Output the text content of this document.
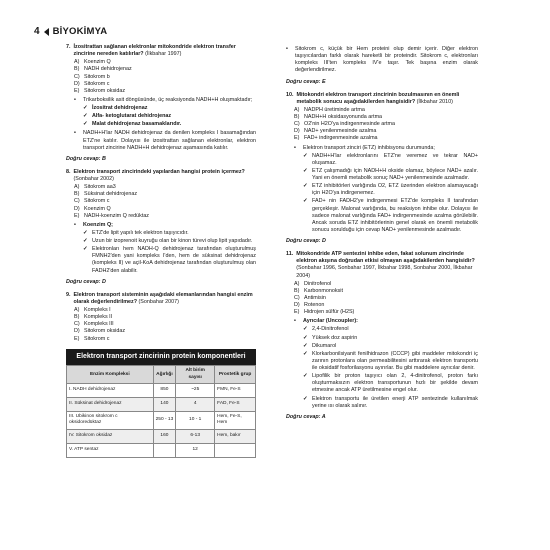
4 BİYOKİMYA
7. İzositrattan sağlanan elektronlar mitokondride elektron transfer zincirine nereden katılırlar? (İlkbahar 1997)
A) Koenzim Q
B) NADH dehidrojenaz
C) Sitokrom b
D) Sitokrom c
E) Sitokrom oksidaz
•	Trikarboksilik asit döngüsünde, üç reaksiyonda NADH+H oluşmaktadır;
✓ İzositrat dehidrojenaz
✓ Alfa- ketoglutarat dehidrojenaz
✓ Malat dehidrojenaz basamaklarıdır.
•	NADH+H'lar NADH dehidrojenaz da denilen kompleks I basamağından ETZ'ne katılır. Dolayısı ile izositrattan sağlanan elektronlar, elektron transport zincirine NADH+H dehidrojenaz aşamasında katılır.
Doğru cevap: B
8. Elektron transport zincirindeki yapılardan hangisi protein içermez? (Sonbahar 2002)
A) Sitokrom aa3
B) Süksinat dehidrojenaz
C) Sitokrom c
D) Koenzim Q
E) NADH-koenzim Q redüktaz
•	Koenzim Q;
✓ ETZ'de lipit yapılı tek elektron taşıyıcıdır.
✓ Uzun bir izoprenoit kuyruğu olan bir kinon türevi olup lipit yapıdadır.
✓ Elektronları hem NADH-Q dehidrojenaz tarafından oluşturulmuş FMNH2'den yani kompleks I'den, hem de süksinat dehidrojenaz (kompleks II) ve açil-KoA dehidrojenaz tarafından oluşturulmuş olan FADH2'den alabilir.
Doğru cevap: D
9. Elektron transport sisteminin aşağıdaki elemanlarından hangisi enzim olarak değerlendirilmez? (Sonbahar 2007)
A) Kompleks I
B) Kompleks II
C) Kompleks III
D) Sitokrom oksidaz
E) Sitokrom c
Elektron transport zincirinin protein komponentleri
Enzim Kompleksi	Ağırlığı	Alt birim sayısı	Prostetik grup
I. NADH dehidrojenaz	850	~25	FMN, Fe-S
II. Süksinat dehidrojenaz	140	4	FAD, Fe-S
III. Ubikinon sitokrom c oksidoredüktaz	250 - 13	10 - 1	Hem, Fe-S, Hem
IV. Sitokrom oksidaz	160	6-13	Hem, bakır
V. ATP sentaz		12	
•	Sitokrom c, küçük bir Hem proteini olup demir içerir. Diğer elektron taşıyıcılardan farklı olarak hareketli bir proteindir. Sitokrom c, elektronları kompleks III'ten kompleks IV'e taşır. Tek başına enzim olarak değerlendirilmez.
Doğru cevap: E
10. Mitokondri elektron transport zincirinin bozulmasının en önemli metabolik sonucu aşağıdakilerden hangisidir? (İlkbahar 2010)
A) NADPH üretiminde artma
B) NADH+H oksidasyonunda artma
C) O2'nin H2O'ya indirgenmesinde artma
D) NAD+ yenilenmesinde azalma
E) FAD+ indirgenmesinde azalma
•	Elektron transport zinciri (ETZ) inhibisyonu durumunda;
✓ NADH+H'lar elektronlarını ETZ'ne veremez ve tekrar NAD+ oluşamaz.
✓ ETZ çalışmadığı için NADH+H okside olamaz, böylece NAD+ azalır. Yani en önemli metabolik sonuç NAD+ yenilenmesinde azalmadır.
✓ ETZ inhibitörleri varlığında O2, ETZ üzerinden elektron alamayacağı için H2O'ya indirgenemez.
✓ FAD+ nin FADH2'ye indirgenmesi ETZ'de kompleks II tarafından gerçekleşir. Malonat varlığında, bu reaksiyon inhibe olur. Dolayısı ile sadece malonat varlığında FAD+ indirgenmesinde azalma görülebilir. Ancak soruda ETZ inhibitörlerinin genel olarak en önemli metabolik sonucu sorulduğu için cevap NAD+ yenilenmesinde azalmadır.
Doğru cevap: D
11. Mitokondride ATP sentezini inhibe eden, fakat solunum zincirinde elektron akışına doğrudan etkisi olmayan aşağıdakilerden hangisidir? (Sonbahar 1996, Sonbahar 1997, İlkbahar 1998, Sonbahar 2000, İlkbahar 2004)
A) Dinitrofenol
B) Karbonmonoksit
C) Antimisin
D) Rotenon
E) Hidrojen sülfür (H2S)
•	Ayrıcılar (Uncoupler):
✓ 2,4-Dinitrofenol
✓ Yüksek doz aspirin
✓ Dikumarol
✓ Klorkarbonilsiyanit fenilhidrazon (CCCP) gibi maddeler mitokondri iç zarının protonlara olan permeabilitesini arttırarak elektron transportu ile oksidatif fosforilasyonu ayırırlar. Bu gibi maddelere ayrıcılar denir.
✓ Lipofilik bir proton taşıyıcı olan 2, 4-dinitrofenol, proton farkı oluşturmaksızın elektron transportunun hızlı bir şekilde devam etmesine ancak ATP üretilmesine engel olur.
✓ Elektron transportu ile üretilen enerji ATP sentezinde kullanılmak yerine ısı olarak salınır.
Doğru cevap: A
